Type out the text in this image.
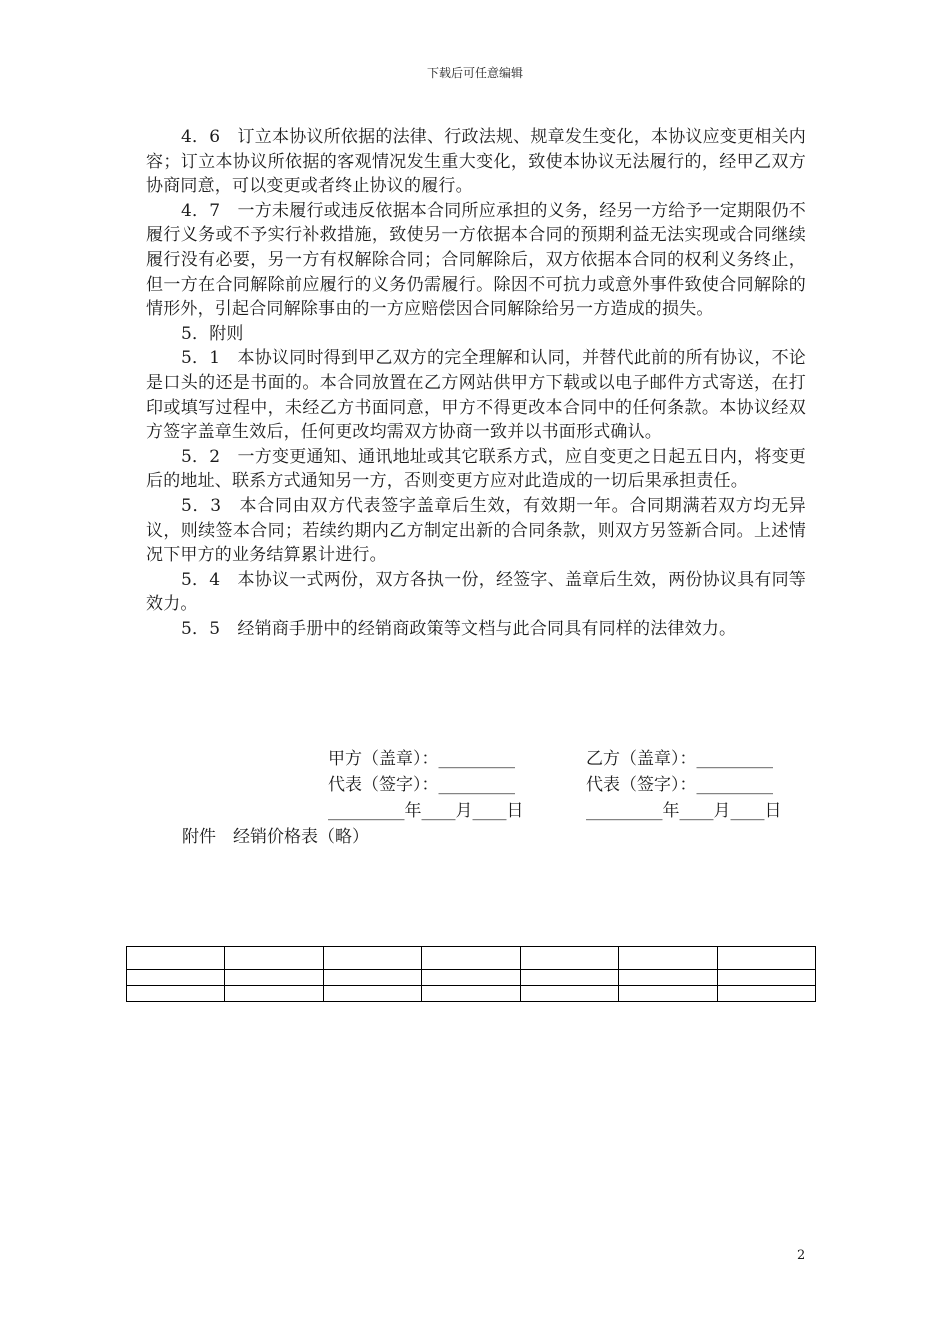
下载后可任意编辑

4．6　订立本协议所依据的法律、行政法规、规章发生变化，本协议应变更相关内容；订立本协议所依据的客观情况发生重大变化，致使本协议无法履行的，经甲乙双方协商同意，可以变更或者终止协议的履行。

4．7　一方未履行或违反依据本合同所应承担的义务，经另一方给予一定期限仍不履行义务或不予实行补救措施，致使另一方依据本合同的预期利益无法实现或合同继续履行没有必要，另一方有权解除合同；合同解除后，双方依据本合同的权利义务终止，但一方在合同解除前应履行的义务仍需履行。除因不可抗力或意外事件致使合同解除的情形外，引起合同解除事由的一方应赔偿因合同解除给另一方造成的损失。

5．附则

5．1　本协议同时得到甲乙双方的完全理解和认同，并替代此前的所有协议，不论是口头的还是书面的。本合同放置在乙方网站供甲方下载或以电子邮件方式寄送，在打印或填写过程中，未经乙方书面同意，甲方不得更改本合同中的任何条款。本协议经双方签字盖章生效后，任何更改均需双方协商一致并以书面形式确认。

5．2　一方变更通知、通讯地址或其它联系方式，应自变更之日起五日内，将变更后的地址、联系方式通知另一方，否则变更方应对此造成的一切后果承担责任。

5．3　本合同由双方代表签字盖章后生效，有效期一年。合同期满若双方均无异议，则续签本合同；若续约期内乙方制定出新的合同条款，则双方另签新合同。上述情况下甲方的业务结算累计进行。

5．4　本协议一式两份，双方各执一份，经签字、盖章后生效，两份协议具有同等效力。

5．5　经销商手册中的经销商政策等文档与此合同具有同样的法律效力。

甲方（盖章）：_________	乙方（盖章）：_________
代表（签字）：_________	代表（签字）：_________
_________年____月____日	_________年____月____日
附件　经销价格表（略）

2
